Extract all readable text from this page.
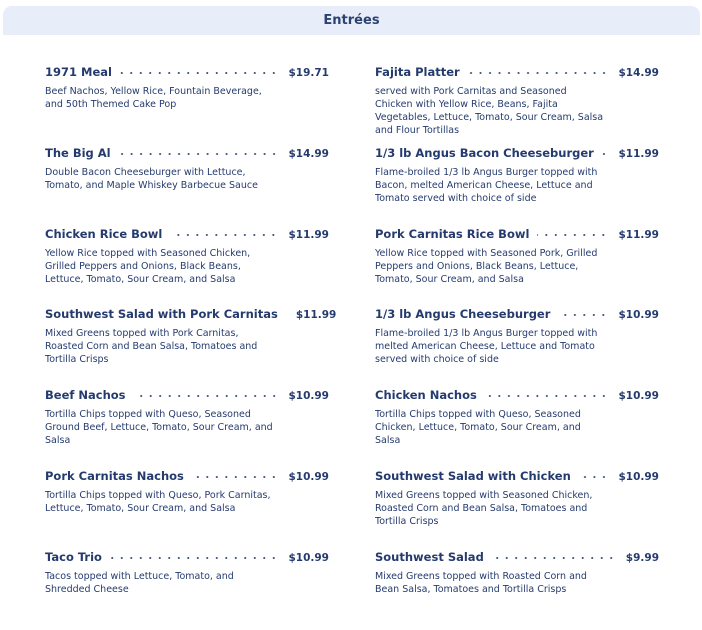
Entrées
1971 Meal	$19.71
Beef Nachos, Yellow Rice, Fountain Beverage, and 50th Themed Cake Pop
Fajita Platter	$14.99
served with Pork Carnitas and Seasoned Chicken with Yellow Rice, Beans, Fajita Vegetables, Lettuce, Tomato, Sour Cream, Salsa and Flour Tortillas
The Big Al	$14.99
Double Bacon Cheeseburger with Lettuce, Tomato, and Maple Whiskey Barbecue Sauce
1/3 lb Angus Bacon Cheeseburger $11.99
Flame-broiled 1/3 lb Angus Burger topped with Bacon, melted American Cheese, Lettuce and Tomato served with choice of side
Chicken Rice Bowl	$11.99
Yellow Rice topped with Seasoned Chicken, Grilled Peppers and Onions, Black Beans, Lettuce, Tomato, Sour Cream, and Salsa
Pork Carnitas Rice Bowl	$11.99
Yellow Rice topped with Seasoned Pork, Grilled Peppers and Onions, Black Beans, Lettuce, Tomato, Sour Cream, and Salsa
Southwest Salad with Pork Carnitas $11.99
Mixed Greens topped with Pork Carnitas, Roasted Corn and Bean Salsa, Tomatoes and Tortilla Crisps
1/3 lb Angus Cheeseburger	$10.99
Flame-broiled 1/3 lb Angus Burger topped with melted American Cheese, Lettuce and Tomato served with choice of side
Beef Nachos	$10.99
Tortilla Chips topped with Queso, Seasoned Ground Beef, Lettuce, Tomato, Sour Cream, and Salsa
Chicken Nachos	$10.99
Tortilla Chips topped with Queso, Seasoned Chicken, Lettuce, Tomato, Sour Cream, and Salsa
Pork Carnitas Nachos	$10.99
Tortilla Chips topped with Queso, Pork Carnitas, Lettuce, Tomato, Sour Cream, and Salsa
Southwest Salad with Chicken	$10.99
Mixed Greens topped with Seasoned Chicken, Roasted Corn and Bean Salsa, Tomatoes and Tortilla Crisps
Taco Trio	$10.99
Tacos topped with Lettuce, Tomato, and Shredded Cheese
Southwest Salad	$9.99
Mixed Greens topped with Roasted Corn and Bean Salsa, Tomatoes and Tortilla Crisps
